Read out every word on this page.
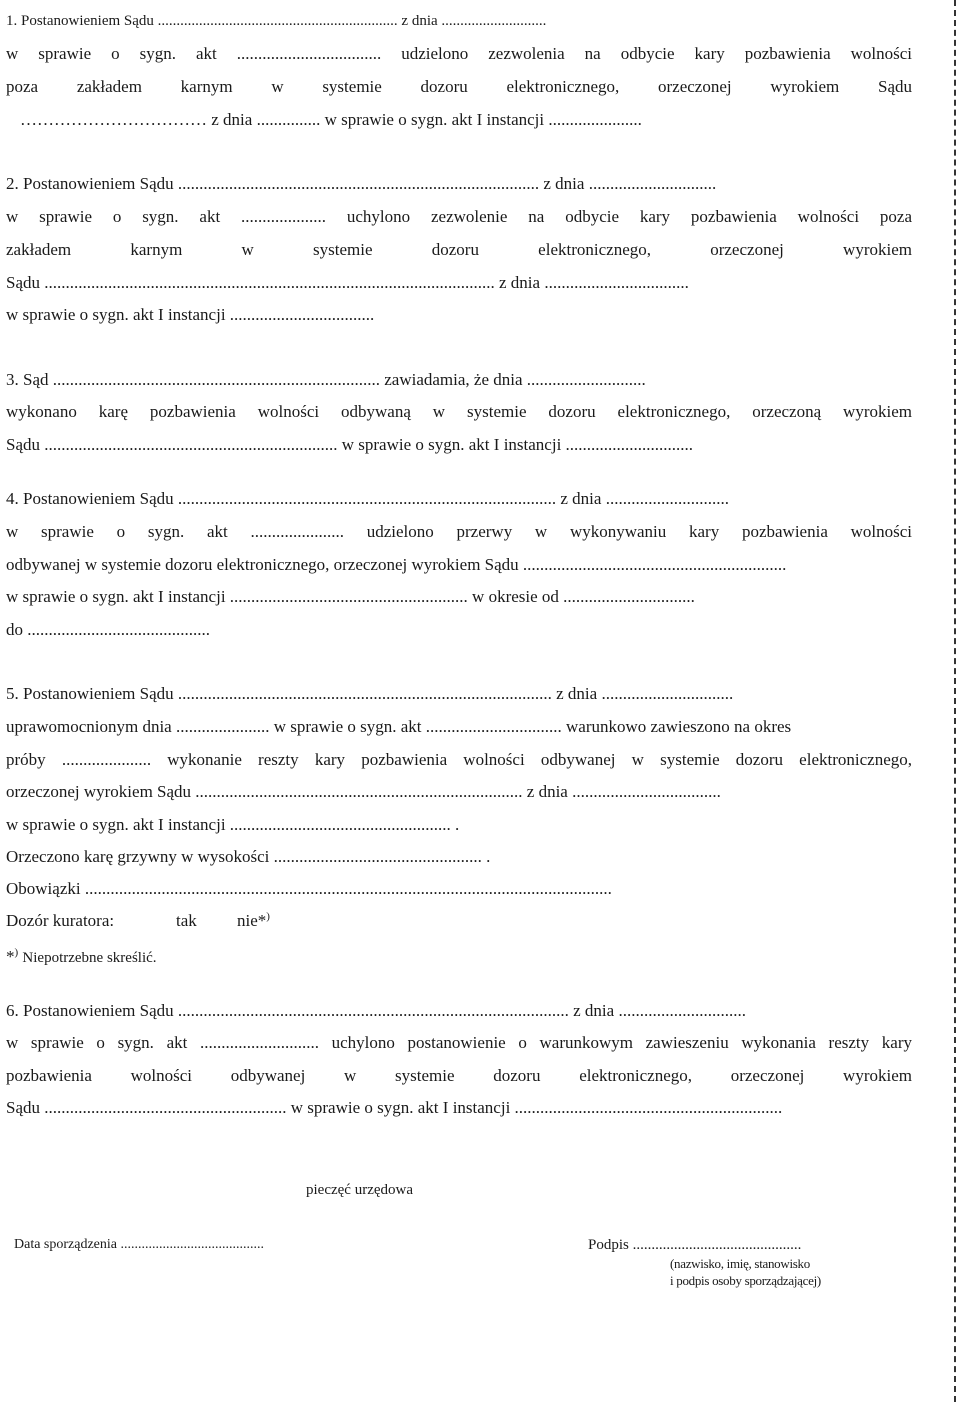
1. Postanowieniem Sądu ................................................................ z dnia ............................
w sprawie o sygn. akt .................................. udzielono zezwolenia na odbycie kary pozbawienia wolności
poza zakładem karnym w systemie dozoru elektronicznego, orzeczonej wyrokiem Sądu
…………………………… z dnia ............... w sprawie o sygn. akt I instancji ......................
2. Postanowieniem Sądu ..................................................................................... z dnia ..............................
w sprawie o sygn. akt .................... uchylono zezwolenie na odbycie kary pozbawienia wolności poza
zakładem karnym w systemie dozoru elektronicznego, orzeczonej wyrokiem
Sądu .......................................................................................................... z dnia ..................................
w sprawie o sygn. akt I instancji ..................................
3. Sąd ............................................................................. zawiadamia, że dnia ............................
wykonano karę pozbawienia wolności odbywaną w systemie dozoru elektronicznego, orzeczoną wyrokiem
Sądu ..................................................................... w sprawie o sygn. akt I instancji ..............................
4. Postanowieniem Sądu ......................................................................................... z dnia .............................
w sprawie o sygn. akt ...................... udzielono przerwy w wykonywaniu kary pozbawienia wolności
odbywanej w systemie dozoru elektronicznego, orzeczonej wyrokiem Sądu ..............................................................
w sprawie o sygn. akt I instancji ........................................................ w okresie od ...............................
do ...........................................
5. Postanowieniem Sądu ........................................................................................ z dnia ...............................
uprawomocnionym dnia ...................... w sprawie o sygn. akt ................................ warunkowo zawieszono na okres
próby ..................... wykonanie reszty kary pozbawienia wolności odbywanej w systemie dozoru elektronicznego,
orzeczonej wyrokiem Sądu ............................................................................. z dnia ...................................
w sprawie o sygn. akt I instancji .................................................... .
Orzeczono karę grzywny w wysokości ................................................. .
Obowiązki ............................................................................................................................
Dozór kuratora:	tak nie*)
*) Niepotrzebne skreślić.
6. Postanowieniem Sądu ............................................................................................ z dnia ..............................
w sprawie o sygn. akt ............................ uchylono postanowienie o warunkowym zawieszeniu wykonania reszty kary
pozbawienia wolności odbywanej w systemie dozoru elektronicznego, orzeczonej wyrokiem
Sądu ......................................................... w sprawie o sygn. akt I instancji ...............................................................
pieczęć urzędowa
Data sporządzenia .........................................	Podpis .............................................
(nazwisko, imię, stanowisko
i podpis osoby sporządzającej)
